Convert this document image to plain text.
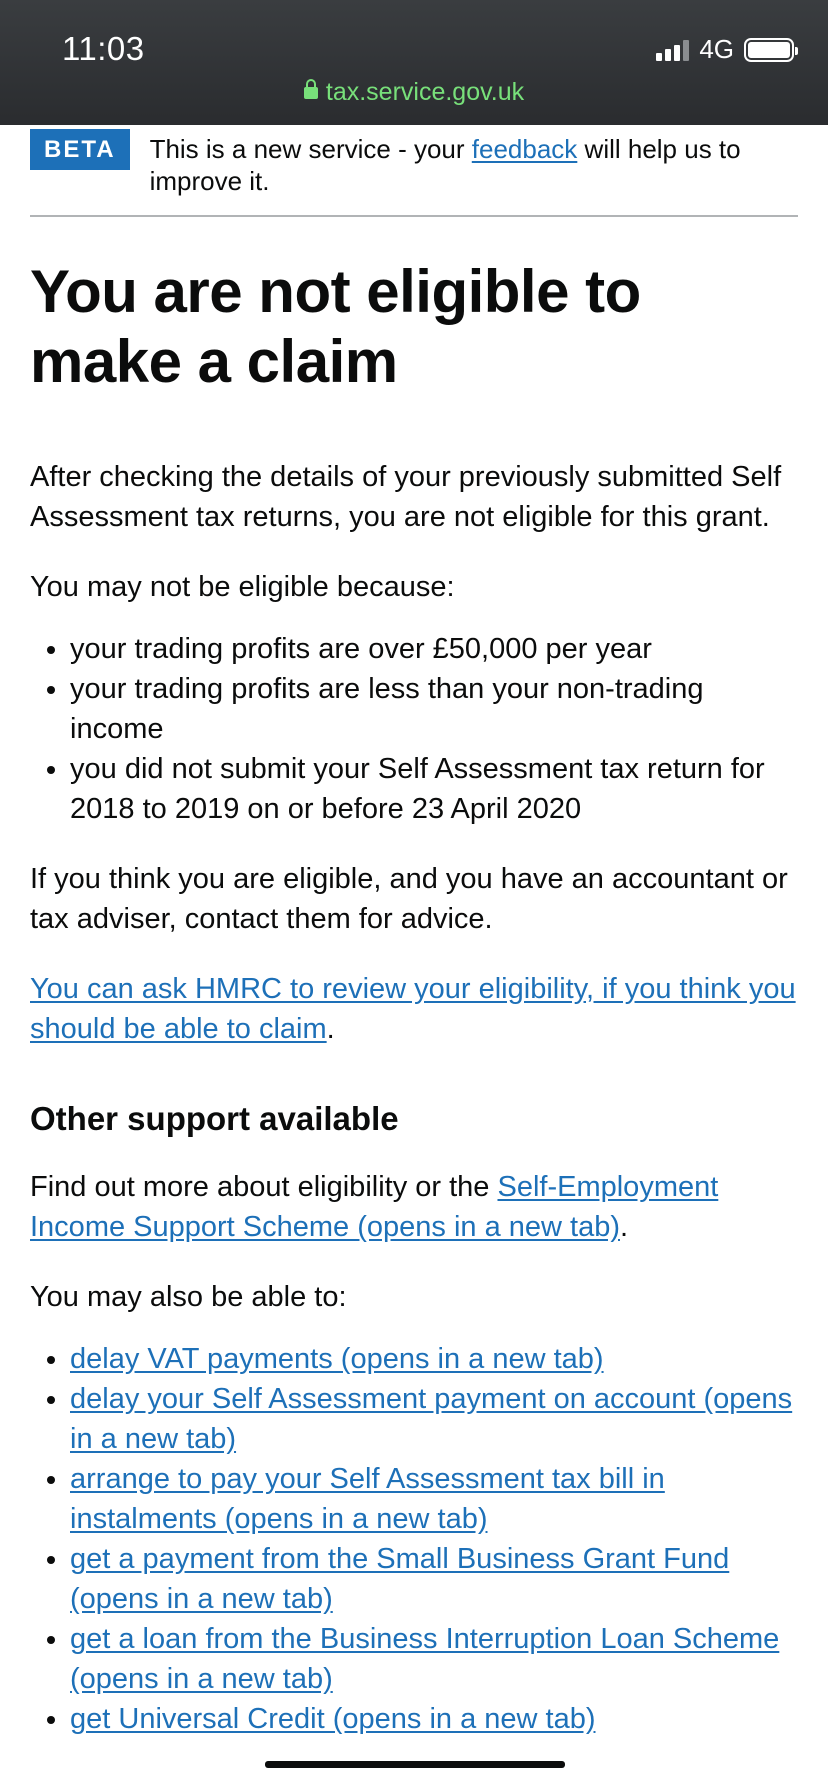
11:03	4G
tax.service.gov.uk
BETA	This is a new service - your feedback will help us to improve it.
You are not eligible to make a claim

After checking the details of your previously submitted Self Assessment tax returns, you are not eligible for this grant.

You may not be eligible because:

• your trading profits are over £50,000 per year
• your trading profits are less than your non-trading income
• you did not submit your Self Assessment tax return for 2018 to 2019 on or before 23 April 2020

If you think you are eligible, and you have an accountant or tax adviser, contact them for advice.

You can ask HMRC to review your eligibility, if you think you should be able to claim.

Other support available

Find out more about eligibility or the Self-Employment Income Support Scheme (opens in a new tab).

You may also be able to:

• delay VAT payments (opens in a new tab)
• delay your Self Assessment payment on account (opens in a new tab)
• arrange to pay your Self Assessment tax bill in instalments (opens in a new tab)
• get a payment from the Small Business Grant Fund (opens in a new tab)
• get a loan from the Business Interruption Loan Scheme (opens in a new tab)
• get Universal Credit (opens in a new tab)
